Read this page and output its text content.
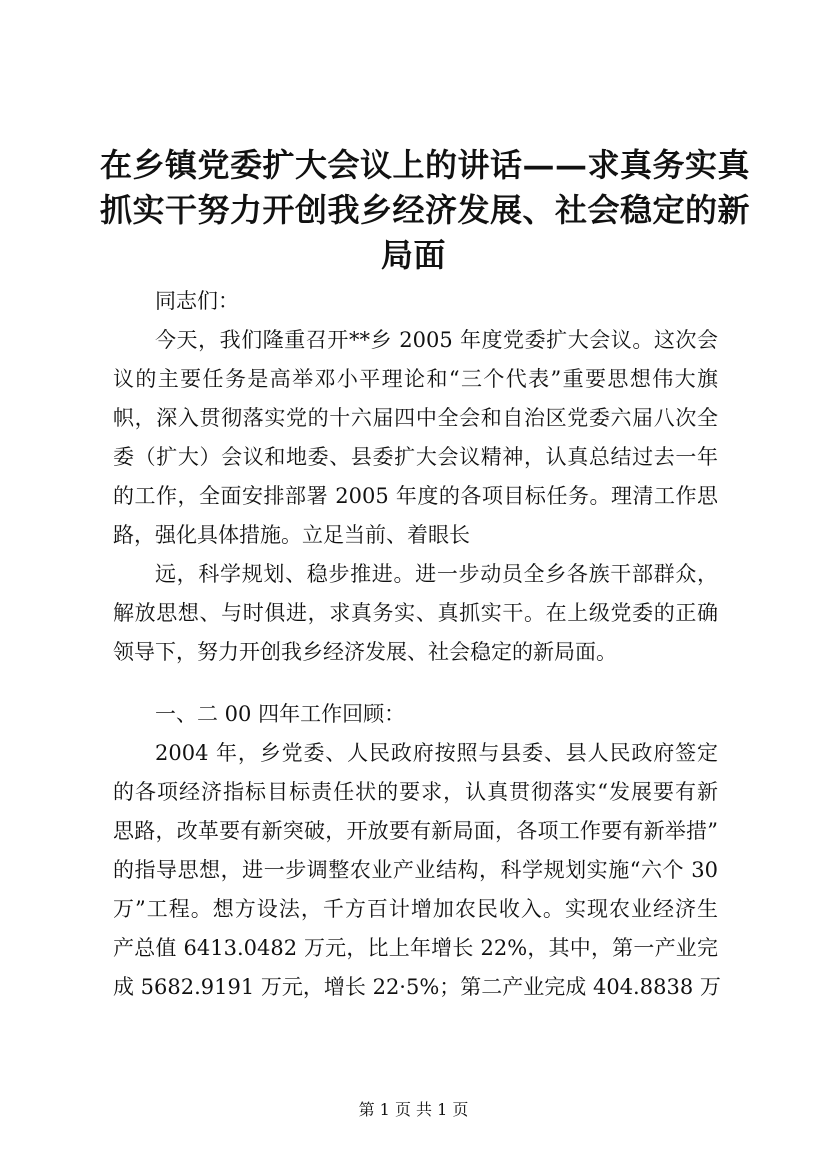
在乡镇党委扩大会议上的讲话——求真务实真
抓实干努力开创我乡经济发展、社会稳定的新
局面
同志们：
今天，我们隆重召开**乡 2005 年度党委扩大会议。这次会
议的主要任务是高举邓小平理论和“三个代表”重要思想伟大旗
帜，深入贯彻落实党的十六届四中全会和自治区党委六届八次全
委（扩大）会议和地委、县委扩大会议精神，认真总结过去一年
的工作，全面安排部署 2005 年度的各项目标任务。理清工作思
路，强化具体措施。立足当前、着眼长
远，科学规划、稳步推进。进一步动员全乡各族干部群众，
解放思想、与时俱进，求真务实、真抓实干。在上级党委的正确
领导下，努力开创我乡经济发展、社会稳定的新局面。
一、二 00 四年工作回顾：
2004 年，乡党委、人民政府按照与县委、县人民政府签定
的各项经济指标目标责任状的要求，认真贯彻落实“发展要有新
思路，改革要有新突破，开放要有新局面，各项工作要有新举措”
的指导思想，进一步调整农业产业结构，科学规划实施“六个 30
万”工程。想方设法，千方百计增加农民收入。实现农业经济生
产总值 6413.0482 万元，比上年增长 22%，其中，第一产业完
成 5682.9191 万元，增长 22·5%；第二产业完成 404.8838 万
第 1 页 共 1 页
